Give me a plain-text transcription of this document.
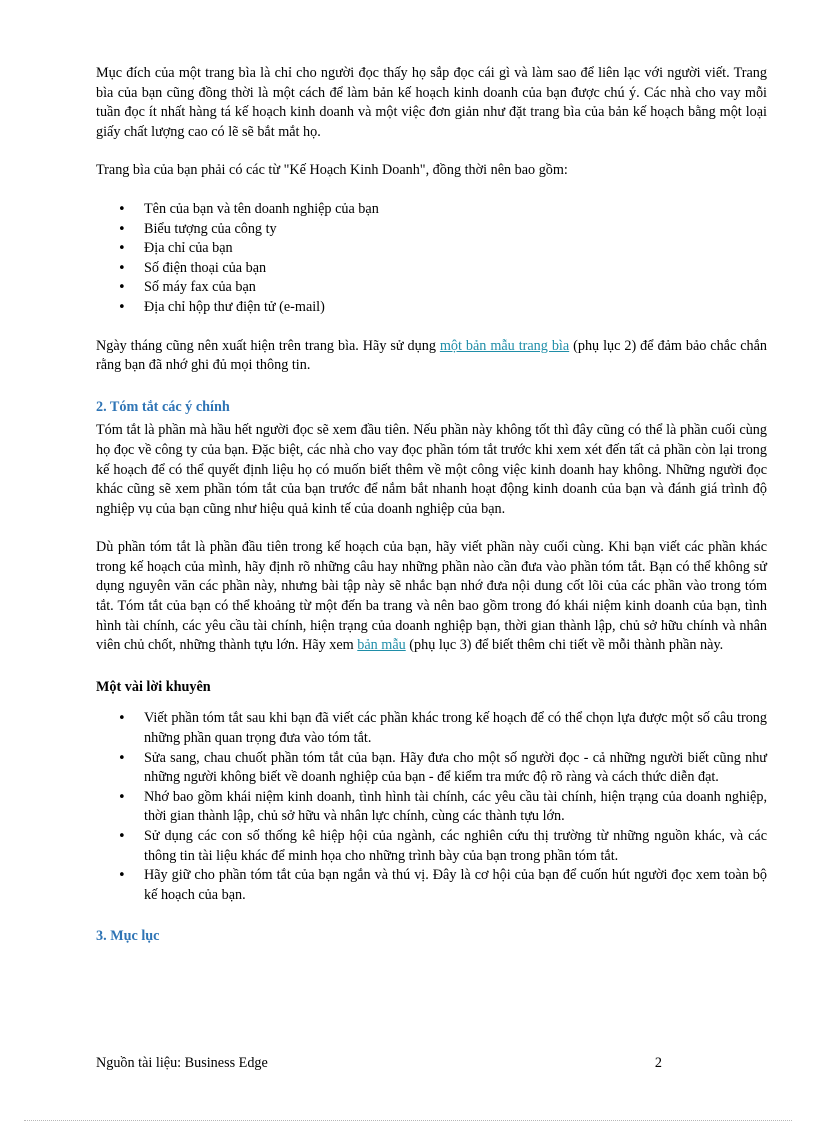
Mục đích của một trang bìa là chỉ cho người đọc thấy họ sắp đọc cái gì và làm sao để liên lạc với người viết. Trang bìa của bạn cũng đồng thời là một cách để làm bản kế hoạch kinh doanh của bạn được chú ý. Các nhà cho vay mỗi tuần đọc ít nhất hàng tá kế hoạch kinh doanh và một việc đơn giản như đặt trang bìa của bản kế hoạch bằng một loại giấy chất lượng cao có lẽ sẽ bắt mắt họ.

Trang bìa của bạn phải có các từ "Kế Hoạch Kinh Doanh", đồng thời nên bao gồm:

• Tên của bạn và tên doanh nghiệp của bạn
• Biểu tượng của công ty
• Địa chỉ của bạn
• Số điện thoại của bạn
• Số máy fax của bạn
• Địa chỉ hộp thư điện tử (e-mail)

Ngày tháng cũng nên xuất hiện trên trang bìa. Hãy sử dụng một bản mẫu trang bìa (phụ lục 2) để đảm bảo chắc chắn rằng bạn đã nhớ ghi đủ mọi thông tin.

2. Tóm tắt các ý chính

Tóm tắt là phần mà hầu hết người đọc sẽ xem đầu tiên. Nếu phần này không tốt thì đây cũng có thể là phần cuối cùng họ đọc về công ty của bạn. Đặc biệt, các nhà cho vay đọc phần tóm tắt trước khi xem xét đến tất cả phần còn lại trong kế hoạch để có thể quyết định liệu họ có muốn biết thêm về một công việc kinh doanh hay không. Những người đọc khác cũng sẽ xem phần tóm tắt của bạn trước để nắm bắt nhanh hoạt động kinh doanh của bạn và đánh giá trình độ nghiệp vụ của bạn cũng như hiệu quả kinh tế của doanh nghiệp của bạn.

Dù phần tóm tắt là phần đầu tiên trong kế hoạch của bạn, hãy viết phần này cuối cùng. Khi bạn viết các phần khác trong kế hoạch của mình, hãy định rõ những câu hay những phần nào cần đưa vào phần tóm tắt. Bạn có thể không sử dụng nguyên văn các phần này, nhưng bài tập này sẽ nhắc bạn nhớ đưa nội dung cốt lõi của các phần vào trong tóm tắt. Tóm tắt của bạn có thể khoảng từ một đến ba trang và nên bao gồm trong đó khái niệm kinh doanh của bạn, tình hình tài chính, các yêu cầu tài chính, hiện trạng của doanh nghiệp bạn, thời gian thành lập, chủ sở hữu chính và nhân viên chủ chốt, những thành tựu lớn. Hãy xem bản mẫu (phụ lục 3) để biết thêm chi tiết về mỗi thành phần này.

Một vài lời khuyên

• Viết phần tóm tắt sau khi bạn đã viết các phần khác trong kế hoạch để có thể chọn lựa được một số câu trong những phần quan trọng đưa vào tóm tắt.
• Sửa sang, chau chuốt phần tóm tắt của bạn. Hãy đưa cho một số người đọc - cả những người biết cũng như những người không biết về doanh nghiệp của bạn - để kiểm tra mức độ rõ ràng và cách thức diễn đạt.
• Nhớ bao gồm khái niệm kinh doanh, tình hình tài chính, các yêu cầu tài chính, hiện trạng của doanh nghiệp, thời gian thành lập, chủ sở hữu và nhân lực chính, cùng các thành tựu lớn.
• Sử dụng các con số thống kê hiệp hội của ngành, các nghiên cứu thị trường từ những nguồn khác, và các thông tin tài liệu khác để minh họa cho những trình bày của bạn trong phần tóm tắt.
• Hãy giữ cho phần tóm tắt của bạn ngắn và thú vị. Đây là cơ hội của bạn để cuốn hút người đọc xem toàn bộ kế hoạch của bạn.

3. Mục lục

Nguồn tài liệu: Business Edge	2
